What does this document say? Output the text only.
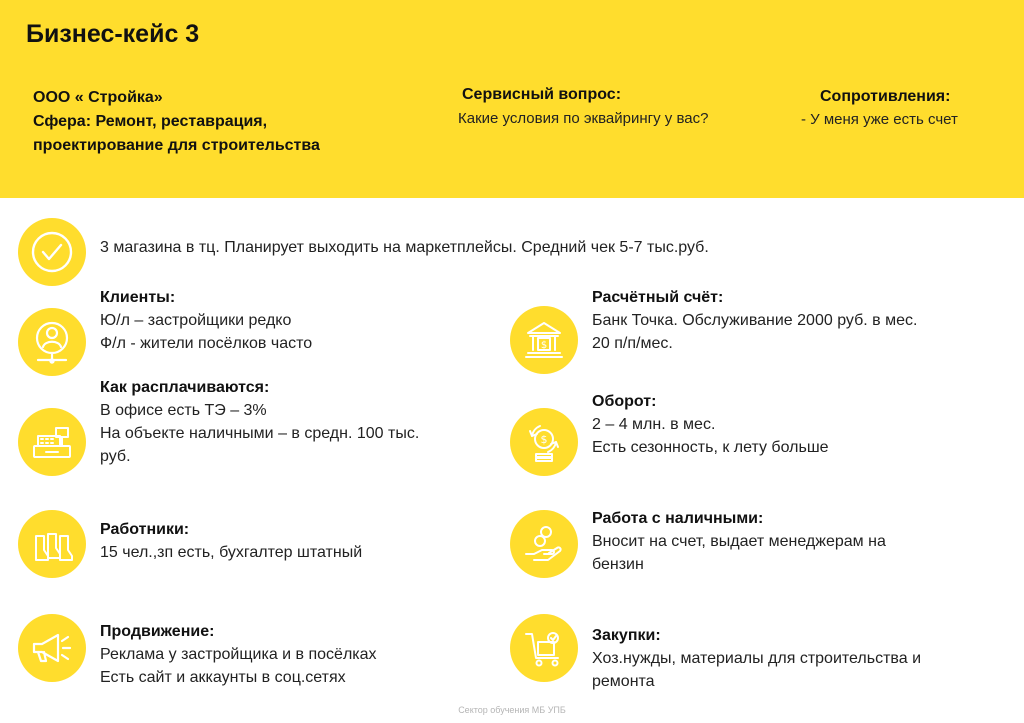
Бизнес-кейс 3
ООО « Стройка»
Сфера: Ремонт, реставрация,
проектирование для строительства
Сервисный вопрос:
Какие условия по эквайрингу у вас?
Сопротивления:
- У меня уже есть счет
3 магазина в тц. Планирует выходить на маркетплейсы. Средний чек 5-7 тыс.руб.
Клиенты:
Ю/л – застройщики редко
Ф/л - жители посёлков часто
Как расплачиваются:
В офисе есть ТЭ – 3%
На объекте наличными – в средн. 100 тыс.
руб.
Работники:
15 чел.,зп есть, бухгалтер штатный
Продвижение:
Реклама у застройщика и в посёлках
Есть сайт и аккаунты в соц.сетях
$
Расчётный счёт:
Банк Точка. Обслуживание 2000 руб. в мес.
20 п/п/мес.
$
Оборот:
2 – 4 млн. в мес.
Есть сезонность, к лету больше
Работа с наличными:
Вносит на счет, выдает менеджерам на
бензин
Закупки:
Хоз.нужды, материалы для строительства и
ремонта
Сектор обучения МБ УПБ
